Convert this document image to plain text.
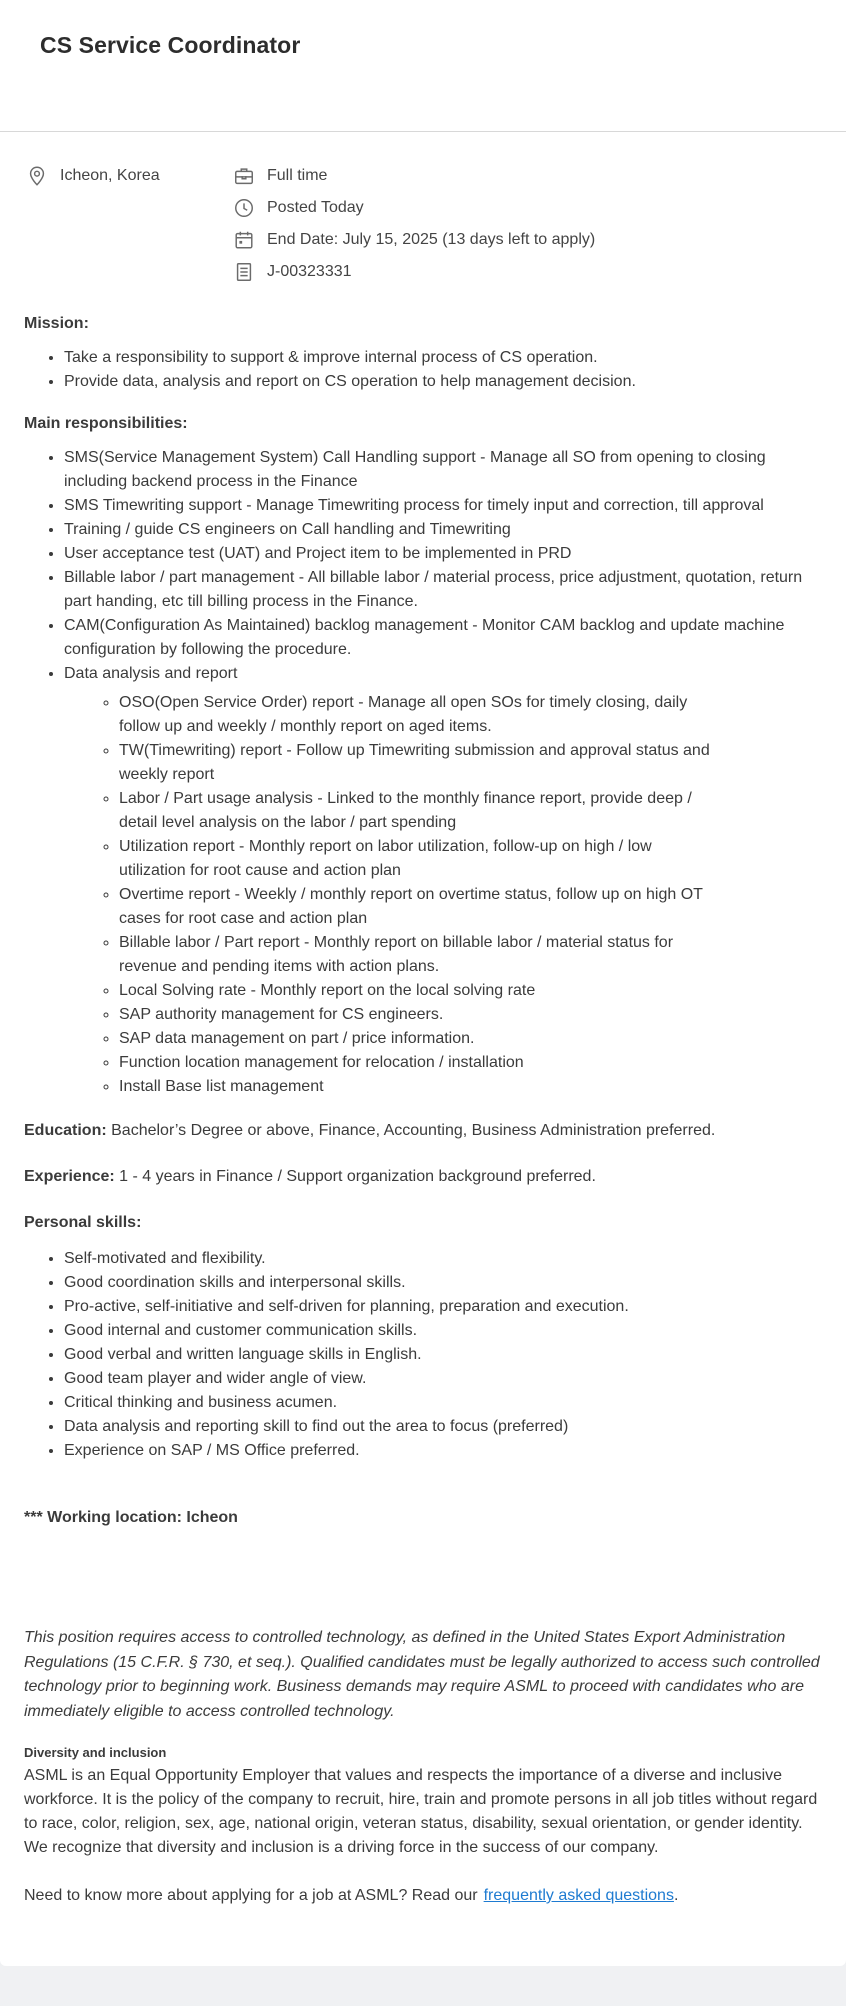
CS Service Coordinator
Icheon, Korea	Full time
Posted Today
End Date: July 15, 2025 (13 days left to apply)
J-00323331

Mission:

• Take a responsibility to support & improve internal process of CS operation.
• Provide data, analysis and report on CS operation to help management decision.

Main responsibilities:

• SMS(Service Management System) Call Handling support - Manage all SO from opening to closing including backend process in the Finance
• SMS Timewriting support - Manage Timewriting process for timely input and correction, till approval
• Training / guide CS engineers on Call handling and Timewriting
• User acceptance test (UAT) and Project item to be implemented in PRD
• Billable labor / part management - All billable labor / material process, price adjustment, quotation, return part handing, etc till billing process in the Finance.
• CAM(Configuration As Maintained) backlog management - Monitor CAM backlog and update machine configuration by following the procedure.
• Data analysis and report
◦ OSO(Open Service Order) report - Manage all open SOs for timely closing, daily follow up and weekly / monthly report on aged items.
◦ TW(Timewriting) report - Follow up Timewriting submission and approval status and weekly report
◦ Labor / Part usage analysis - Linked to the monthly finance report, provide deep / detail level analysis on the labor / part spending
◦ Utilization report - Monthly report on labor utilization, follow-up on high / low utilization for root cause and action plan
◦ Overtime report - Weekly / monthly report on overtime status, follow up on high OT cases for root case and action plan
◦ Billable labor / Part report - Monthly report on billable labor / material status for revenue and pending items with action plans.
◦ Local Solving rate - Monthly report on the local solving rate
◦ SAP authority management for CS engineers.
◦ SAP data management on part / price information.
◦ Function location management for relocation / installation
◦ Install Base list management

Education: Bachelor’s Degree or above, Finance, Accounting, Business Administration preferred.

Experience: 1 - 4 years in Finance / Support organization background preferred.

Personal skills:

• Self-motivated and flexibility.
• Good coordination skills and interpersonal skills.
• Pro-active, self-initiative and self-driven for planning, preparation and execution.
• Good internal and customer communication skills.
• Good verbal and written language skills in English.
• Good team player and wider angle of view.
• Critical thinking and business acumen.
• Data analysis and reporting skill to find out the area to focus (preferred)
• Experience on SAP / MS Office preferred.

*** Working location: Icheon

This position requires access to controlled technology, as defined in the United States Export Administration Regulations (15 C.F.R. § 730, et seq.). Qualified candidates must be legally authorized to access such controlled technology prior to beginning work. Business demands may require ASML to proceed with candidates who are immediately eligible to access controlled technology.

Diversity and inclusion

ASML is an Equal Opportunity Employer that values and respects the importance of a diverse and inclusive workforce. It is the policy of the company to recruit, hire, train and promote persons in all job titles without regard to race, color, religion, sex, age, national origin, veteran status, disability, sexual orientation, or gender identity. We recognize that diversity and inclusion is a driving force in the success of our company.

Need to know more about applying for a job at ASML? Read our frequently asked questions.
